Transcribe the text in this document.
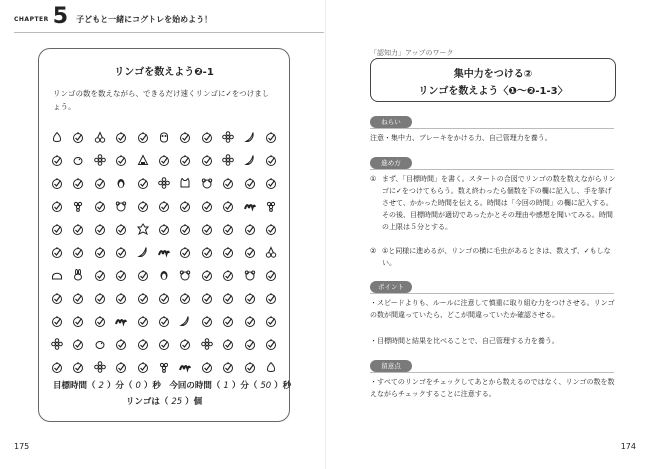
CHAPTER 5 子どもと一緒にコグトレを始めよう！
リンゴを数えよう❷-1
リンゴの数を数えながら、できるだけ速くリンゴに✓をつけましょう。
目標時間（ 2 ）分（ 0 ）秒　今回の時間（ 1 ）分（ 50 ）秒
リンゴは（ 25 ）個
175	174
「認知力」アップのワーク
集中力をつける②
リンゴを数えよう〈❶〜❷-1-3〉
ねらい
注意・集中力、ブレーキをかける力、自己管理力を養う。
進め方
① まず、「目標時間」を書く。スタートの合図でリンゴの数を数えながらリンゴに✓をつけてもらう。数え終わったら個数を下の欄に記入し、手を挙げさせて、かかった時間を伝える。時間は「今回の時間」の欄に記入する。その後、目標時間が適切であったかとその理由や感想を聞いてみる。時間の上限は５分とする。
② ①と同様に進めるが、リンゴの横に毛虫があるときは、数えず、✓もしない。
ポイント
・スピードよりも、ルールに注意して慎重に取り組む力をつけさせる。リンゴの数が間違っていたら、どこが間違っていたか確認させる。
・目標時間と結果を比べることで、自己管理する力を養う。
留意点
・すべてのリンゴをチェックしてあとから数えるのではなく、リンゴの数を数えながらチェックすることに注意する。
